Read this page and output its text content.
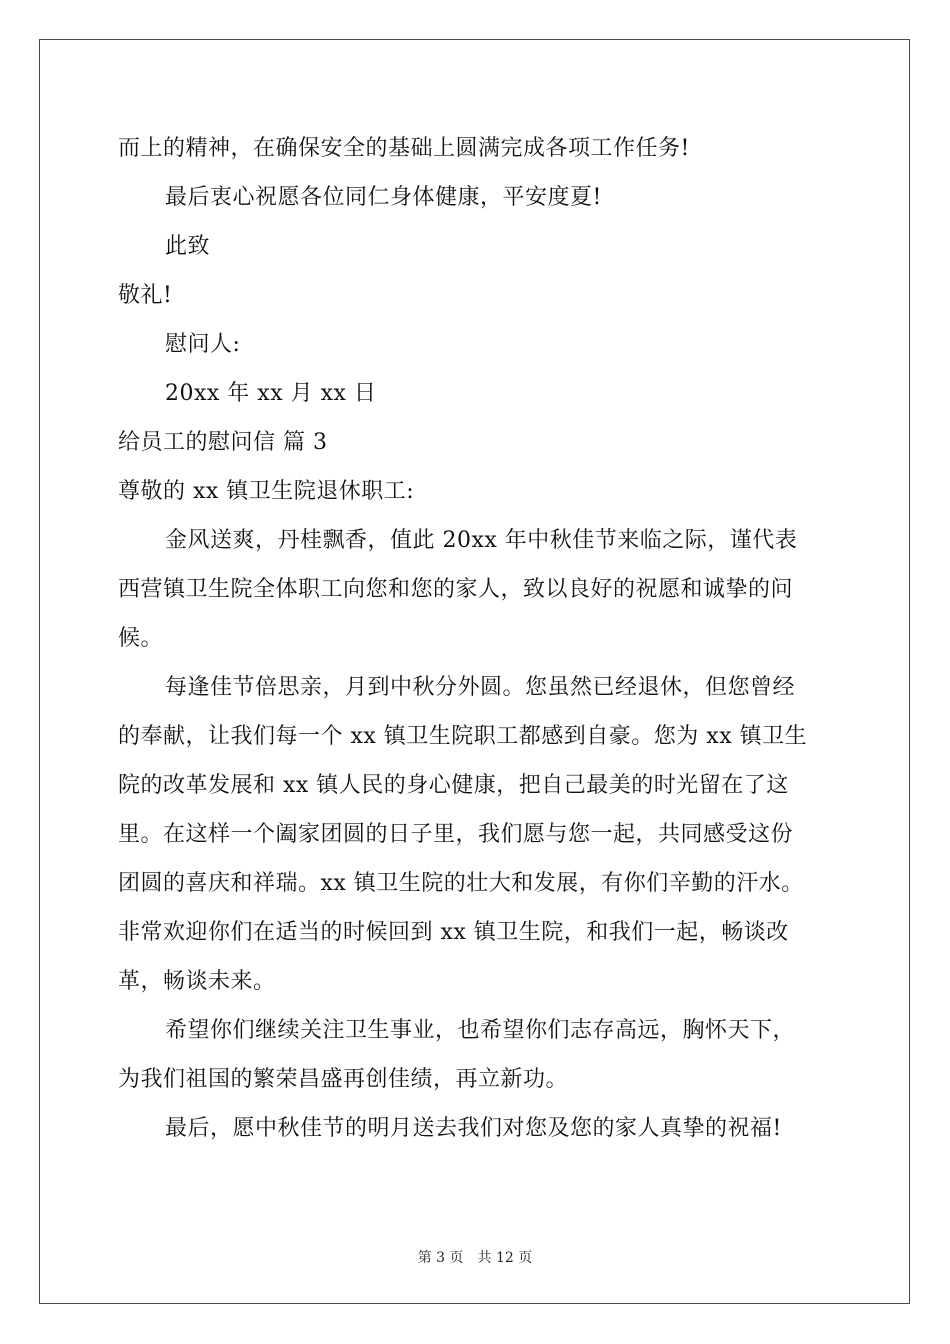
而上的精神，在确保安全的基础上圆满完成各项工作任务!
最后衷心祝愿各位同仁身体健康，平安度夏!
此致
敬礼!
慰问人:
20xx 年 xx 月 xx 日
给员工的慰问信 篇 3
尊敬的 xx 镇卫生院退休职工:
金风送爽，丹桂飘香，值此 20xx 年中秋佳节来临之际，谨代表
西营镇卫生院全体职工向您和您的家人，致以良好的祝愿和诚挚的问
候。
每逢佳节倍思亲，月到中秋分外圆。您虽然已经退休，但您曾经
的奉献，让我们每一个 xx 镇卫生院职工都感到自豪。您为 xx 镇卫生
院的改革发展和 xx 镇人民的身心健康，把自己最美的时光留在了这
里。在这样一个阖家团圆的日子里，我们愿与您一起，共同感受这份
团圆的喜庆和祥瑞。xx 镇卫生院的壮大和发展，有你们辛勤的汗水。
非常欢迎你们在适当的时候回到 xx 镇卫生院，和我们一起，畅谈改
革，畅谈未来。
希望你们继续关注卫生事业，也希望你们志存高远，胸怀天下，
为我们祖国的繁荣昌盛再创佳绩，再立新功。
最后，愿中秋佳节的明月送去我们对您及您的家人真挚的祝福!
第 3 页 共 12 页
